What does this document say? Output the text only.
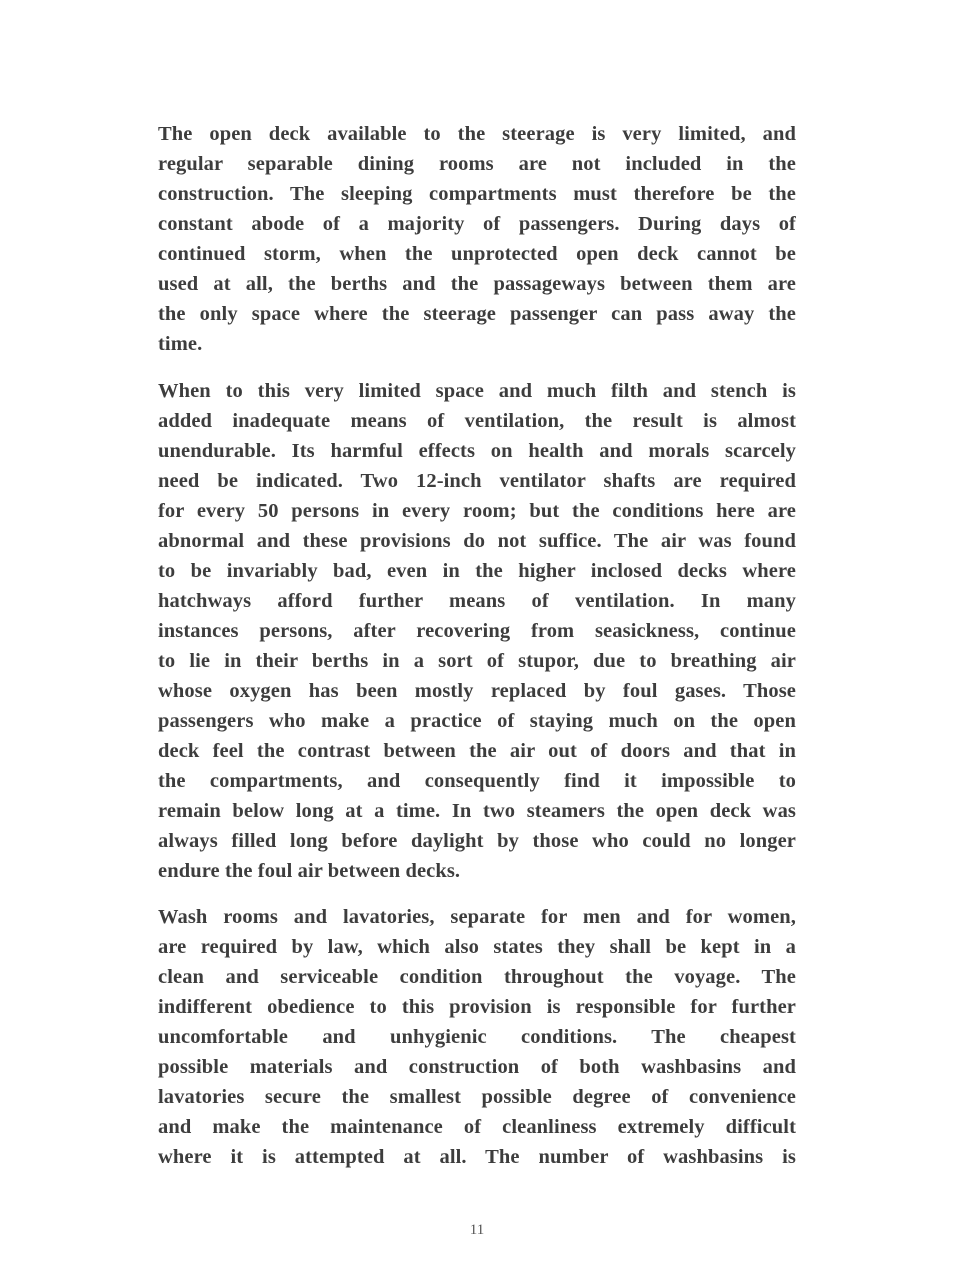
The open deck available to the steerage is very limited, and
regular separable dining rooms are not included in the
construction. The sleeping compartments must therefore be the
constant abode of a majority of passengers. During days of
continued storm, when the unprotected open deck cannot be
used at all, the berths and the passageways between them are
the only space where the steerage passenger can pass away the
time.
When to this very limited space and much filth and stench is
added inadequate means of ventilation, the result is almost
unendurable. Its harmful effects on health and morals scarcely
need be indicated. Two 12-inch ventilator shafts are required
for every 50 persons in every room; but the conditions here are
abnormal and these provisions do not suffice. The air was found
to be invariably bad, even in the higher inclosed decks where
hatchways afford further means of ventilation. In many
instances persons, after recovering from seasickness, continue
to lie in their berths in a sort of stupor, due to breathing air
whose oxygen has been mostly replaced by foul gases. Those
passengers who make a practice of staying much on the open
deck feel the contrast between the air out of doors and that in
the compartments, and consequently find it impossible to
remain below long at a time. In two steamers the open deck was
always filled long before daylight by those who could no longer
endure the foul air between decks.
Wash rooms and lavatories, separate for men and for women,
are required by law, which also states they shall be kept in a
clean and serviceable condition throughout the voyage. The
indifferent obedience to this provision is responsible for further
uncomfortable and unhygienic conditions. The cheapest
possible materials and construction of both washbasins and
lavatories secure the smallest possible degree of convenience
and make the maintenance of cleanliness extremely difficult
where it is attempted at all. The number of washbasins is
11
